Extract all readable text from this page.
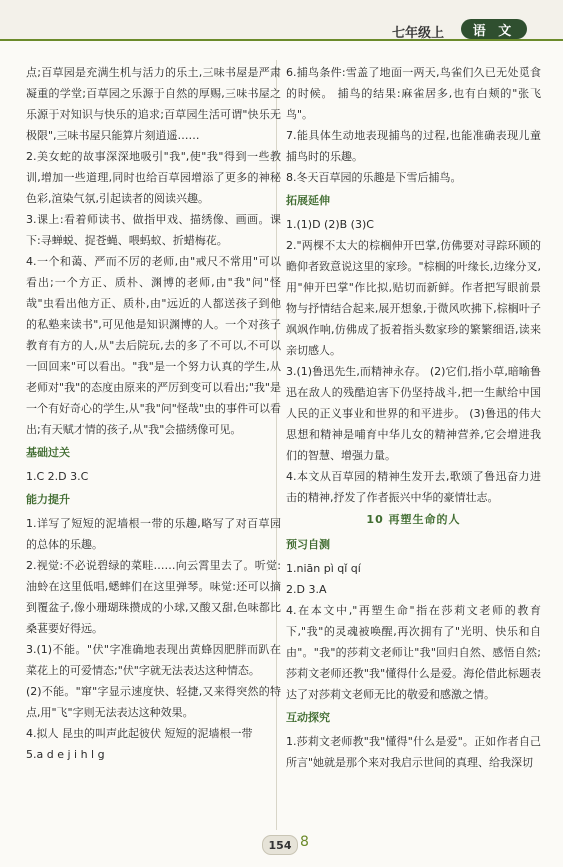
七年级上	语 文

点;百草园是充满生机与活力的乐土,三味书屋是严肃凝重的学堂;百草园之乐源于自然的厚赐,三味书屋之乐源于对知识与快乐的追求;百草园生活可谓"快乐无极限",三味书屋只能算片刻逍遥……

2.美女蛇的故事深深地吸引"我",使"我"得到一些教训,增加一些道理,同时也给百草园增添了更多的神秘色彩,渲染气氛,引起读者的阅读兴趣。

3.课上:看着师读书、做指甲戏、描绣像、画画。课下:寻蝉蜕、捉苍蝇、喂蚂蚁、折蜡梅花。

4.一个和蔼、严而不厉的老师,由"戒尺不常用"可以看出;一个方正、质朴、渊博的老师,由"我"问"怪哉"虫看出他方正、质朴,由"远近的人都送孩子到他的私塾来读书",可见他是知识渊博的人。一个对孩子教育有方的人,从"去后院玩,去的多了不可以,不可以一回回来"可以看出。"我"是一个努力认真的学生,从老师对"我"的态度由原来的严厉到变可以看出;"我"是一个有好奇心的学生,从"我"问"怪哉"虫的事件可以看出;有天赋才情的孩子,从"我"会描绣像可见。

基础过关

1.C 2.D 3.C

能力提升

1.详写了短短的泥墙根一带的乐趣,略写了对百草园的总体的乐趣。

2.视觉:不必说碧绿的菜畦……向云霄里去了。听觉:油蛉在这里低唱,蟋蟀们在这里弹琴。味觉:还可以摘到覆盆子,像小珊瑚珠攒成的小球,又酸又甜,色味都比桑葚要好得远。

3.(1)不能。"伏"字准确地表现出黄蜂因肥胖而趴在菜花上的可爱情态;"伏"字就无法表达这种情态。

(2)不能。"窜"字显示速度快、轻捷,又来得突然的特点,用"飞"字则无法表达这种效果。

4.拟人 昆虫的叫声此起彼伏 短短的泥墙根一带

5.a d e j i h l g

6.捕鸟条件:雪盖了地面一两天,鸟雀们久已无处觅食的时候。 捕鸟的结果:麻雀居多,也有白颊的"张飞鸟"。

7.能具体生动地表现捕鸟的过程,也能准确表现儿童捕鸟时的乐趣。

8.冬天百草园的乐趣是下雪后捕鸟。

拓展延伸

1.(1)D (2)B (3)C

2."两棵不太大的棕榈伸开巴掌,仿佛要对寻踪环顾的瞻仰者致意说这里的家珍。"棕榈的叶缘长,边缘分叉,用"伸开巴掌"作比拟,贴切而新鲜。作者把写眼前景物与抒情结合起来,展开想象,于微风吹拂下,棕榈叶子飒飒作响,仿佛成了扳着指头数家珍的繁繁细语,读来亲切感人。

3.(1)鲁迅先生,而精神永存。 (2)它们,指小草,暗喻鲁迅在敌人的残酷迫害下仍坚持战斗,把一生献给中国人民的正义事业和世界的和平进步。 (3)鲁迅的伟大思想和精神是哺育中华儿女的精神营养,它会增进我们的智慧、增强力量。

4.本文从百草园的精神生发开去,歌颂了鲁迅奋力进击的精神,抒发了作者振兴中华的豪情壮志。

10 再塑生命的人
预习自测

1.niān pì qǐ qí

2.D 3.A

4.在本文中,"再塑生命"指在莎莉文老师的教育下,"我"的灵魂被唤醒,再次拥有了"光明、快乐和自由"。"我"的莎莉文老师让"我"回归自然、感悟自然;莎莉文老师还教"我"懂得什么是爱。海伦借此标题表达了对莎莉文老师无比的敬爱和感激之情。

互动探究

1.莎莉文老师教"我"懂得"什么是爱"。正如作者自己所言"她就是那个来对我启示世间的真理、给我深切

154 8
